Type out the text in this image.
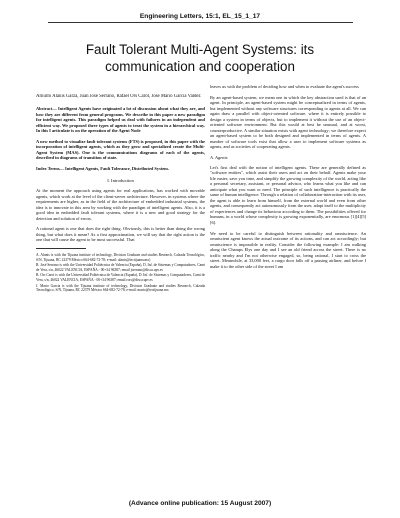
Engineering Letters, 15:1, EL_15_1_17
Fault Tolerant Multi-Agent Systems: its communication and cooperation
Arnulfo Alanis Garza, Juan José Serrano, Rafael Ors Carot, José Mario García Valdez

Abstract— Intelligent Agents have originated a lot of discussion about what they are, and how they are different from general programs. We describe in this paper a new paradigm for intelligent agents. This paradigm helped us deal with failures in an independent and efficient way. We proposed three types of agents to treat the system in a hierarchical way. In this I articulate is on the operation of the Agent Node

A new method to visualize fault tolerant systems (FTS) is proposed, in this paper with the incorporation of intelligent agents, which as they grow and specialized create the Multi-Agent System (MAS). One is the communications diagrams of each of the agents, described in diagrams of transition of state.

Index Terms— Intelligent Agents, Fault Tolerance, Distributed System.

I. Introduction

At the moment the approach using agents for real applications, has worked with movable agents, which work at the level of the client-server architecture. However, in systems where the requirements are higher, as in the field of the architecture of embedded industrial systems, the idea is to innovate in this area by working with the paradigm of intelligent agents. Also, it is a good idea in embedded fault tolerant systems, where it is a new and good strategy for the detection and solution of errors.

A rational agent is one that does the right thing. Obviously, this is better than doing the wrong thing, but what does it mean? As a first approximation, we will say that the right action is the one that will cause the agent to be most successful. That

A. Alanis is with the Tijuana institute of technology, Division Graduate and studies Research, Calzada Tecnológico, S/N, Tijuana, BC 22379 México 664-682-72-78; e-mail: alanis@tectijuana.mx)

B. José Serrano is with the Universidad Politécnica de Valencia (España), D. Inf. de Sistemas y Computadores, Cami de Vera, s/n, 46022 VALENCIA, ESPAÑA.- 00+34 96387; email jserrano@disca.upv.es

B. Ors Carot is with the Universidad Politécnica de Valencia (España), D. Inf. de Sistemas y Computadores, Cami de Vera, s/n, 46022 VALENCIA, ESPAÑA.- 00+34 96387; email rors@disca.upv.es

J. Mario Garcia is with the Tijuana institute of technology, Division Graduate and studies Research, Calzada Tecnológico, S/N, Tijuana, BC 22379 México 664-682-72-78; e-mail: mario@tectijuana.mx

leaves us with the problem of deciding how and when to evaluate the agent's success

By an agent-based system, we mean one in which the key abstraction used is that of an agent. In principle, an agent-based system might be conceptualized in terms of agents, but implemented without any software structures corresponding to agents at all. We can again draw a parallel with object-oriented software, where it is entirely possible to design a system in terms of objects, but to implement it without the use of an object-oriented software environment. But this would at best be unusual, and at worst, counterproductive. A similar situation exists with agent technology; we therefore expect an agent-based system to be both designed and implemented in terms of agents. A number of software tools exist that allow a user to implement software systems as agents, and as societies of cooperating agents.

A. Agents

Let's first deal with the notion of intelligent agents. These are generally defined as "software entities", which assist their users and act on their behalf. Agents make your life easier, save you time, and simplify the growing complexity of the world, acting like a personal secretary, assistant, or personal advisor, who learns what you like and can anticipate what you want or need. The principle of such intelligence is practically the same of human intelligence. Through a relation of collaboration-interaction with its user, the agent is able to learn from himself, from the external world and even from other agents, and consequently act autonomously from the user, adapt itself to the multiplicity of experiences and change its behaviour according to them. The possibilities offered for humans, in a world whose complexity is growing exponentially, are enormous [1][4][5][6].

We need to be careful to distinguish between rationality and omniscience. An omniscient agent knows the actual outcome of its actions, and can act accordingly; but omniscience is impossible in reality. Consider the following example: I am walking along the Champs Elys one day and I see an old friend across the street. There is no traffic nearby and I'm not otherwise engaged, so, being rational, I start to cross the street. Meanwhile, at 33,000 feet, a cargo door falls off a passing airliner, and before I make it to the other side of the street I am

(Advance online publication: 15 August 2007)
